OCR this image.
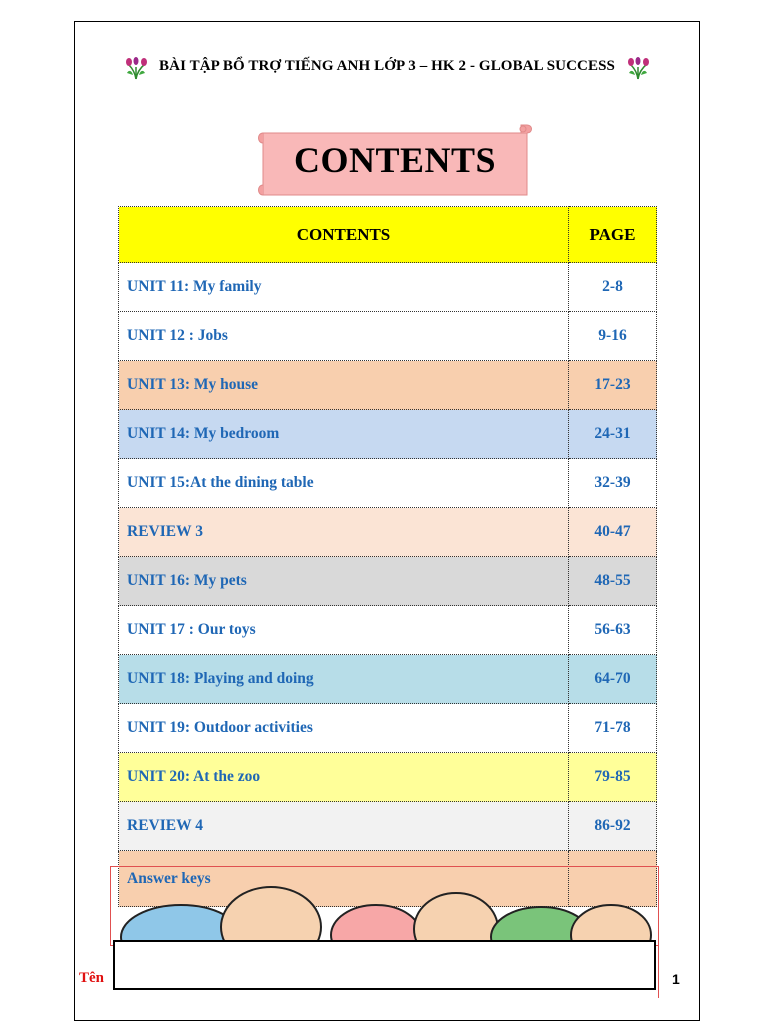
BÀI TẬP BỔ TRỢ TIẾNG ANH LỚP 3 – HK 2 - GLOBAL SUCCESS
CONTENTS
CONTENTS	PAGE
UNIT 11: My family	2-8
UNIT 12 : Jobs	9-16
UNIT 13: My house	17-23
UNIT 14: My bedroom	24-31
UNIT 15:At the dining table	32-39
REVIEW 3	40-47
UNIT 16: My pets	48-55
UNIT 17 : Our toys	56-63
UNIT 18: Playing and doing	64-70
UNIT 19: Outdoor activities	71-78
UNIT 20: At the zoo	79-85
REVIEW 4	86-92
Answer keys	
Tên	1
